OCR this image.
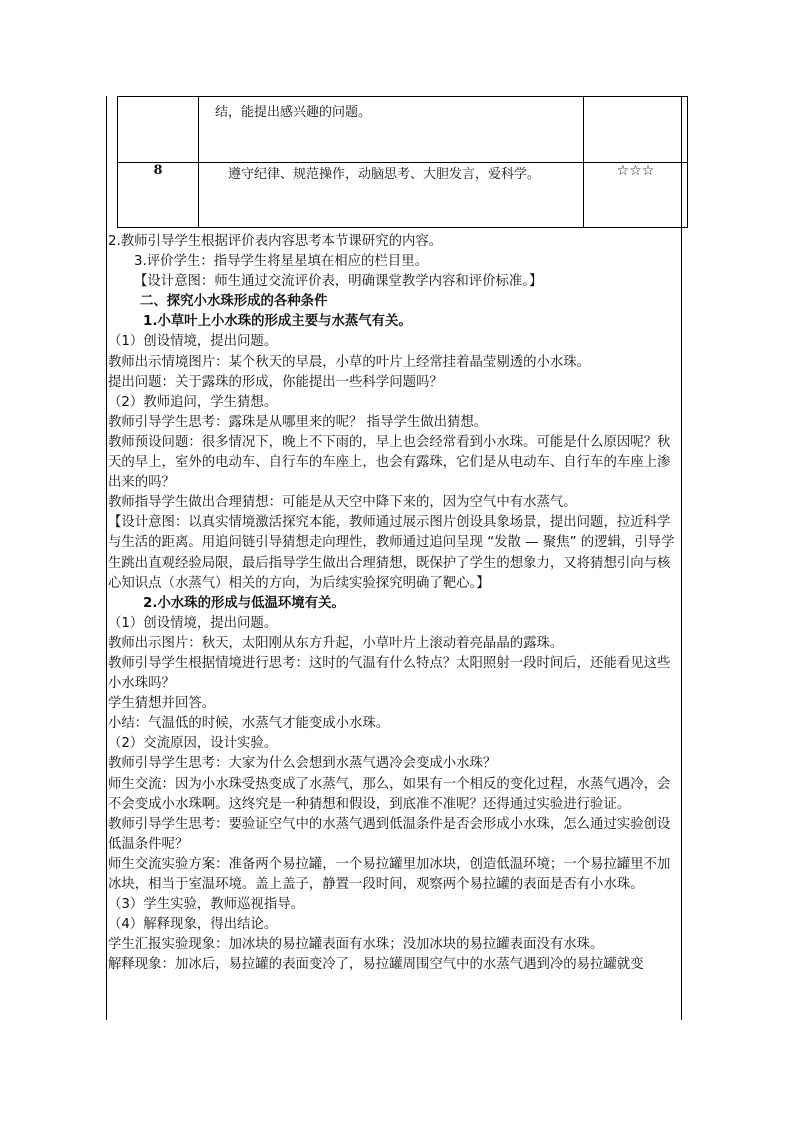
	结，能提出感兴趣的问题。	
8	遵守纪律、规范操作，动脑思考、大胆发言，爱科学。	☆☆☆

2.教师引导学生根据评价表内容思考本节课研究的内容。

3.评价学生：指导学生将星星填在相应的栏目里。

【设计意图：师生通过交流评价表，明确课堂教学内容和评价标准。】

二、探究小水珠形成的各种条件

1.小草叶上小水珠的形成主要与水蒸气有关。

（1）创设情境，提出问题。

教师出示情境图片：某个秋天的早晨，小草的叶片上经常挂着晶莹剔透的小水珠。

提出问题：关于露珠的形成，你能提出一些科学问题吗？

（2）教师追问，学生猜想。

教师引导学生思考：露珠是从哪里来的呢？ 指导学生做出猜想。

教师预设问题：很多情况下，晚上不下雨的，早上也会经常看到小水珠。可能是什么原因呢？秋天的早上，室外的电动车、自行车的车座上，也会有露珠，它们是从电动车、自行车的车座上渗出来的吗？

教师指导学生做出合理猜想：可能是从天空中降下来的，因为空气中有水蒸气。

【设计意图：以真实情境激活探究本能，教师通过展示图片创设具象场景，提出问题，拉近科学与生活的距离。用追问链引导猜想走向理性，教师通过追问呈现 “发散 — 聚焦” 的逻辑，引导学生跳出直观经验局限，最后指导学生做出合理猜想，既保护了学生的想象力，又将猜想引向与核心知识点（水蒸气）相关的方向，为后续实验探究明确了靶心。】

2.小水珠的形成与低温环境有关。

（1）创设情境，提出问题。

教师出示图片：秋天，太阳刚从东方升起，小草叶片上滚动着亮晶晶的露珠。

教师引导学生根据情境进行思考：这时的气温有什么特点？太阳照射一段时间后，还能看见这些小水珠吗？

学生猜想并回答。

小结：气温低的时候，水蒸气才能变成小水珠。

（2）交流原因，设计实验。

教师引导学生思考：大家为什么会想到水蒸气遇冷会变成小水珠？

师生交流：因为小水珠受热变成了水蒸气，那么，如果有一个相反的变化过程，水蒸气遇冷，会不会变成小水珠啊。这终究是一种猜想和假设，到底准不准呢？还得通过实验进行验证。

教师引导学生思考：要验证空气中的水蒸气遇到低温条件是否会形成小水珠，怎么通过实验创设低温条件呢？

师生交流实验方案：准备两个易拉罐，一个易拉罐里加冰块，创造低温环境；一个易拉罐里不加冰块，相当于室温环境。盖上盖子，静置一段时间，观察两个易拉罐的表面是否有小水珠。

（3）学生实验，教师巡视指导。

（4）解释现象，得出结论。

学生汇报实验现象：加冰块的易拉罐表面有水珠；没加冰块的易拉罐表面没有水珠。

解释现象：加冰后，易拉罐的表面变冷了，易拉罐周围空气中的水蒸气遇到冷的易拉罐就变
